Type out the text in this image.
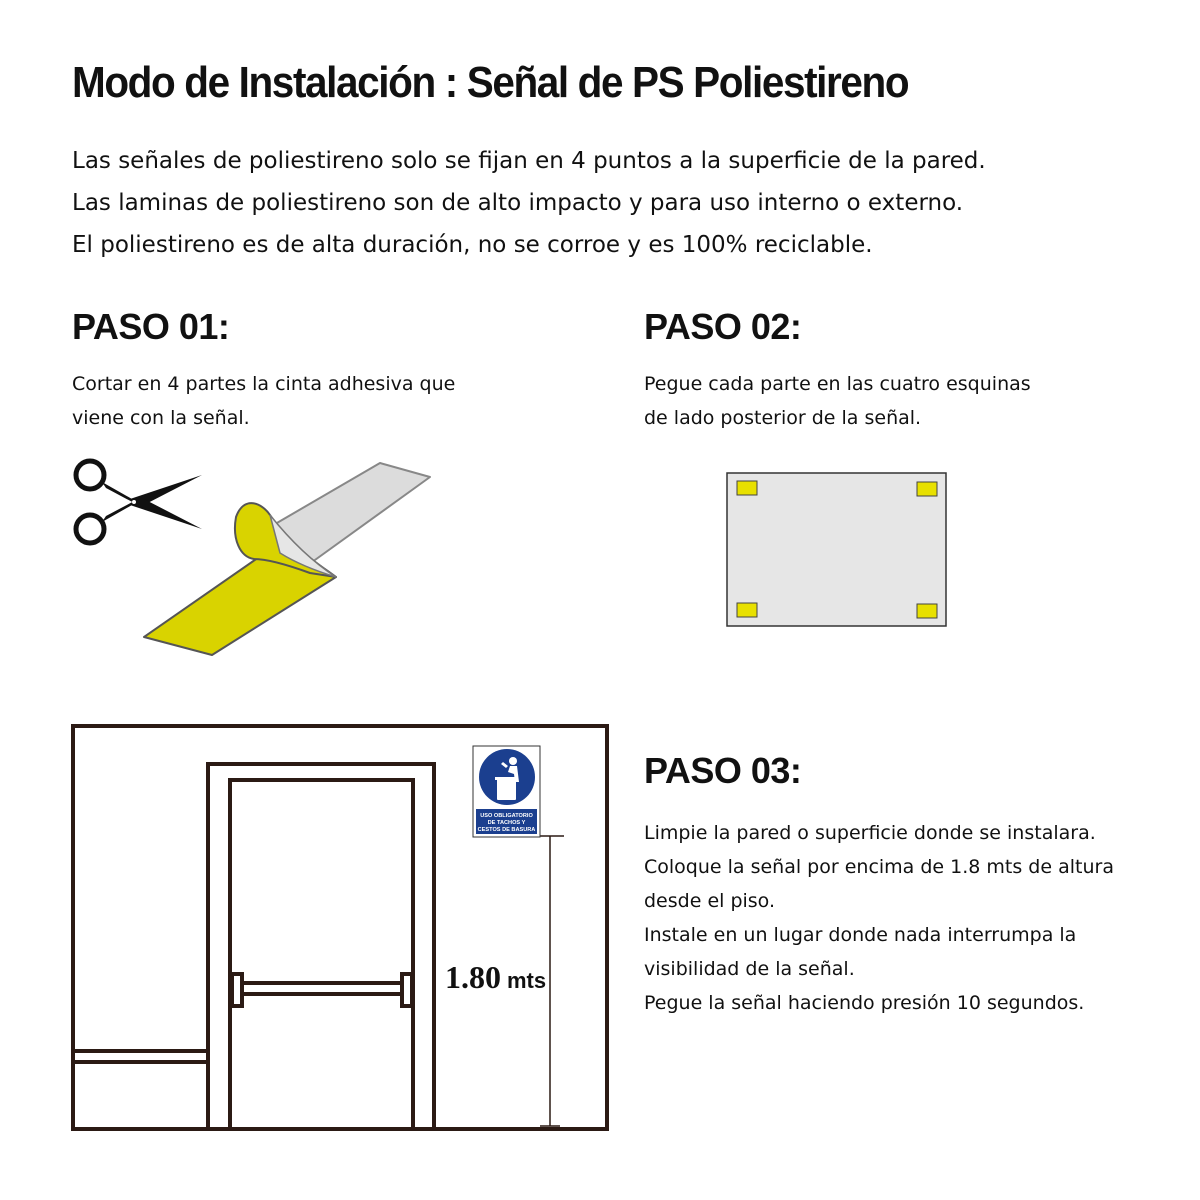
Modo de Instalación : Señal de PS Poliestireno

Las señales de poliestireno solo se fijan en 4 puntos a la superficie de la pared.

Las laminas de poliestireno son de alto impacto y para uso interno o externo.

El poliestireno es de alta duración, no se corroe y es 100% reciclable.

PASO 01:

Cortar en 4 partes la cinta adhesiva que

viene con la señal.

PASO 02:

Pegue cada parte en las cuatro esquinas

de lado posterior de la señal.

PASO 03:

Limpie la pared o superficie donde se instalara.

Coloque la señal por encima de 1.8 mts de altura

desde el piso.

Instale en un lugar donde nada interrumpa la

visibilidad de la señal.

Pegue la señal haciendo presión 10 segundos.

1.80 mts
USO OBLIGATORIO
DE TACHOS Y
CESTOS DE BASURA
